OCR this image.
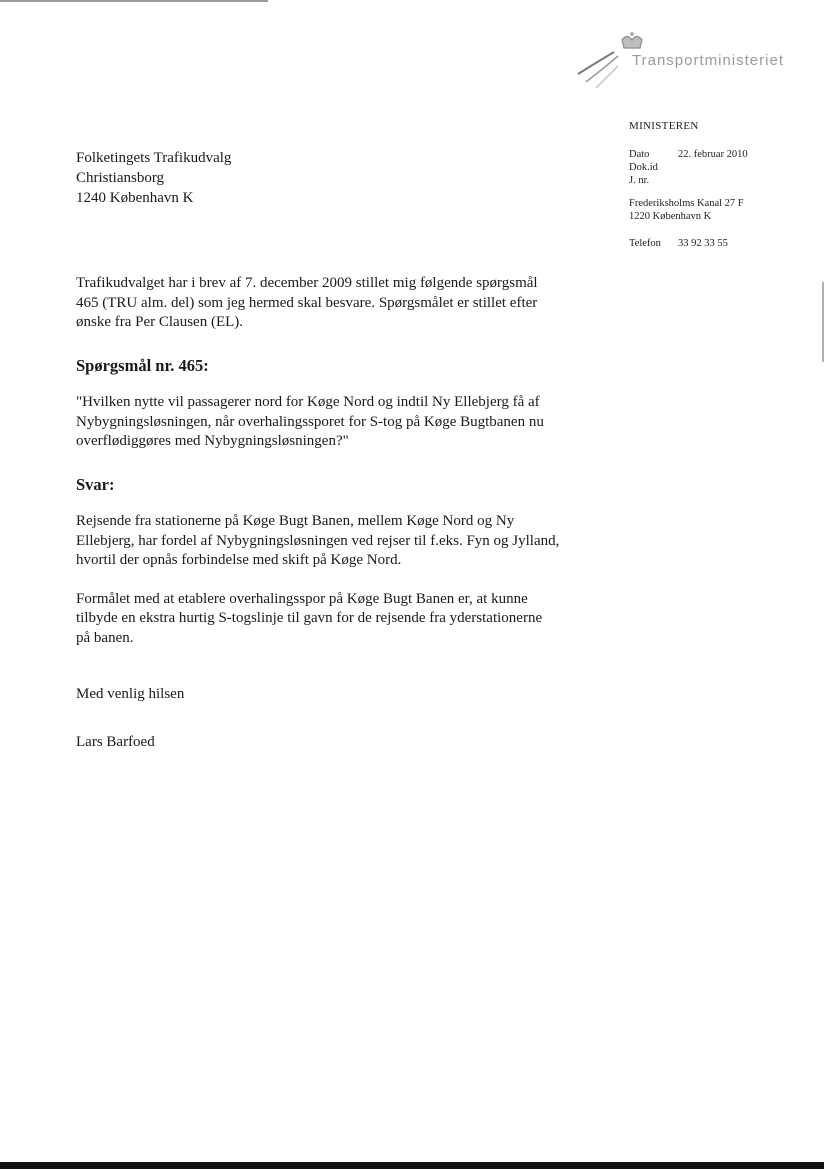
Transportministeriet
MINISTEREN
Dato	22. februar 2010
Dok.id
J. nr.
Frederiksholms Kanal 27 F
1220 København K
Telefon 33 92 33 55
Folketingets Trafikudvalg
Christiansborg
1240 København K
Trafikudvalget har i brev af 7. december 2009 stillet mig følgende spørgsmål
465 (TRU alm. del) som jeg hermed skal besvare. Spørgsmålet er stillet efter
ønske fra Per Clausen (EL).
Spørgsmål nr. 465:
"Hvilken nytte vil passagerer nord for Køge Nord og indtil Ny Ellebjerg få af
Nybygningsløsningen, når overhalingssporet for S-tog på Køge Bugtbanen nu
overflødiggøres med Nybygningsløsningen?"
Svar:
Rejsende fra stationerne på Køge Bugt Banen, mellem Køge Nord og Ny
Ellebjerg, har fordel af Nybygningsløsningen ved rejser til f.eks. Fyn og Jylland,
hvortil der opnås forbindelse med skift på Køge Nord.
Formålet med at etablere overhalingsspor på Køge Bugt Banen er, at kunne
tilbyde en ekstra hurtig S-togslinje til gavn for de rejsende fra yderstationerne
på banen.
Med venlig hilsen
Lars Barfoed
